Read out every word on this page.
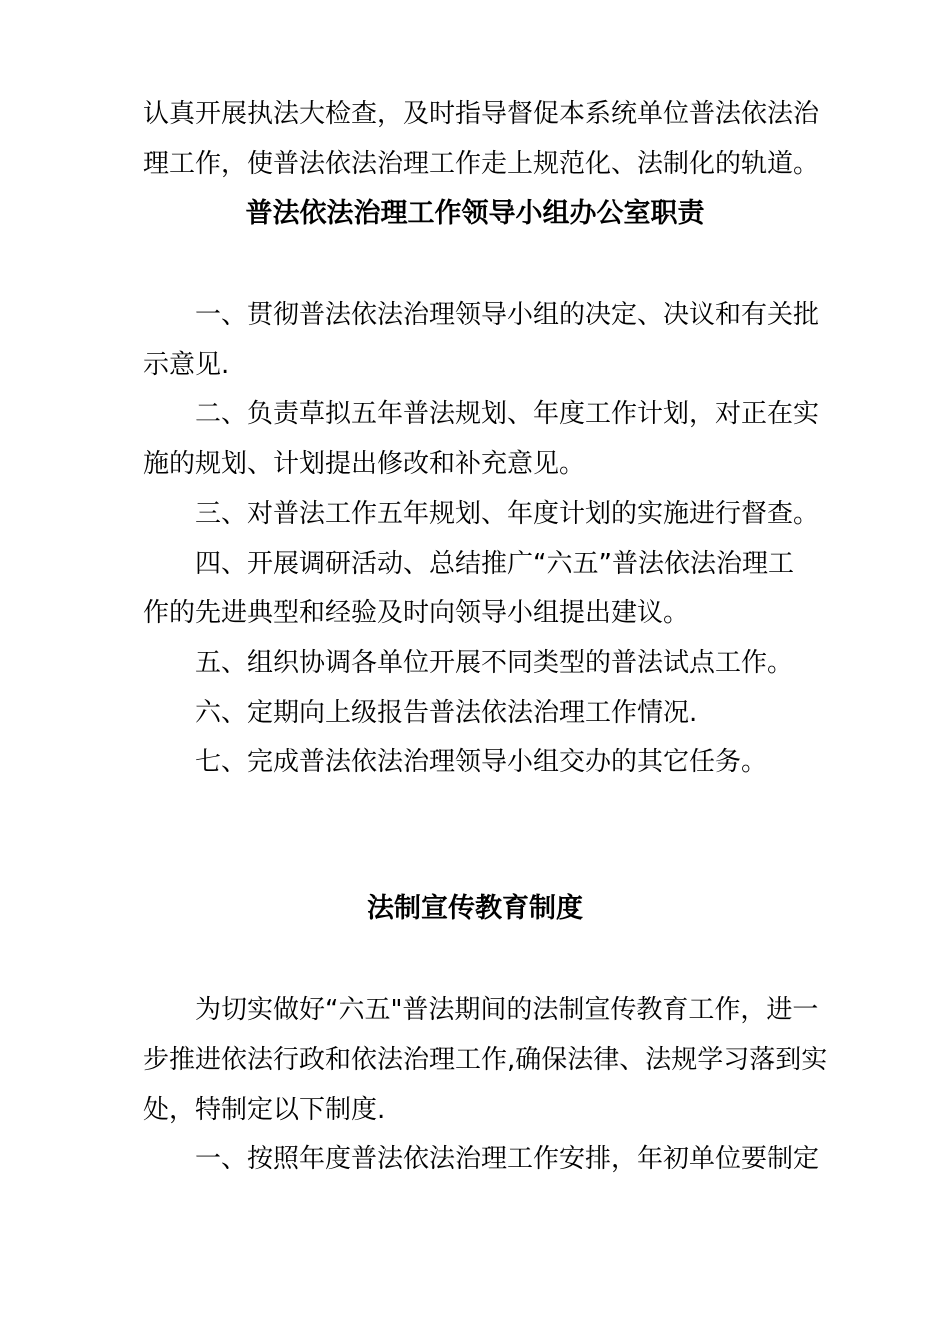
认真开展执法大检查，及时指导督促本系统单位普法依法治
理工作，使普法依法治理工作走上规范化、法制化的轨道。
普法依法治理工作领导小组办公室职责
一、贯彻普法依法治理领导小组的决定、决议和有关批
示意见.
二、负责草拟五年普法规划、年度工作计划，对正在实
施的规划、计划提出修改和补充意见。
三、对普法工作五年规划、年度计划的实施进行督查。
四、开展调研活动、总结推广“六五”普法依法治理工
作的先进典型和经验及时向领导小组提出建议。
五、组织协调各单位开展不同类型的普法试点工作。
六、定期向上级报告普法依法治理工作情况.
七、完成普法依法治理领导小组交办的其它任务。
法制宣传教育制度
为切实做好“六五"普法期间的法制宣传教育工作，进一
步推进依法行政和依法治理工作,确保法律、法规学习落到实
处，特制定以下制度.
一、按照年度普法依法治理工作安排，年初单位要制定
